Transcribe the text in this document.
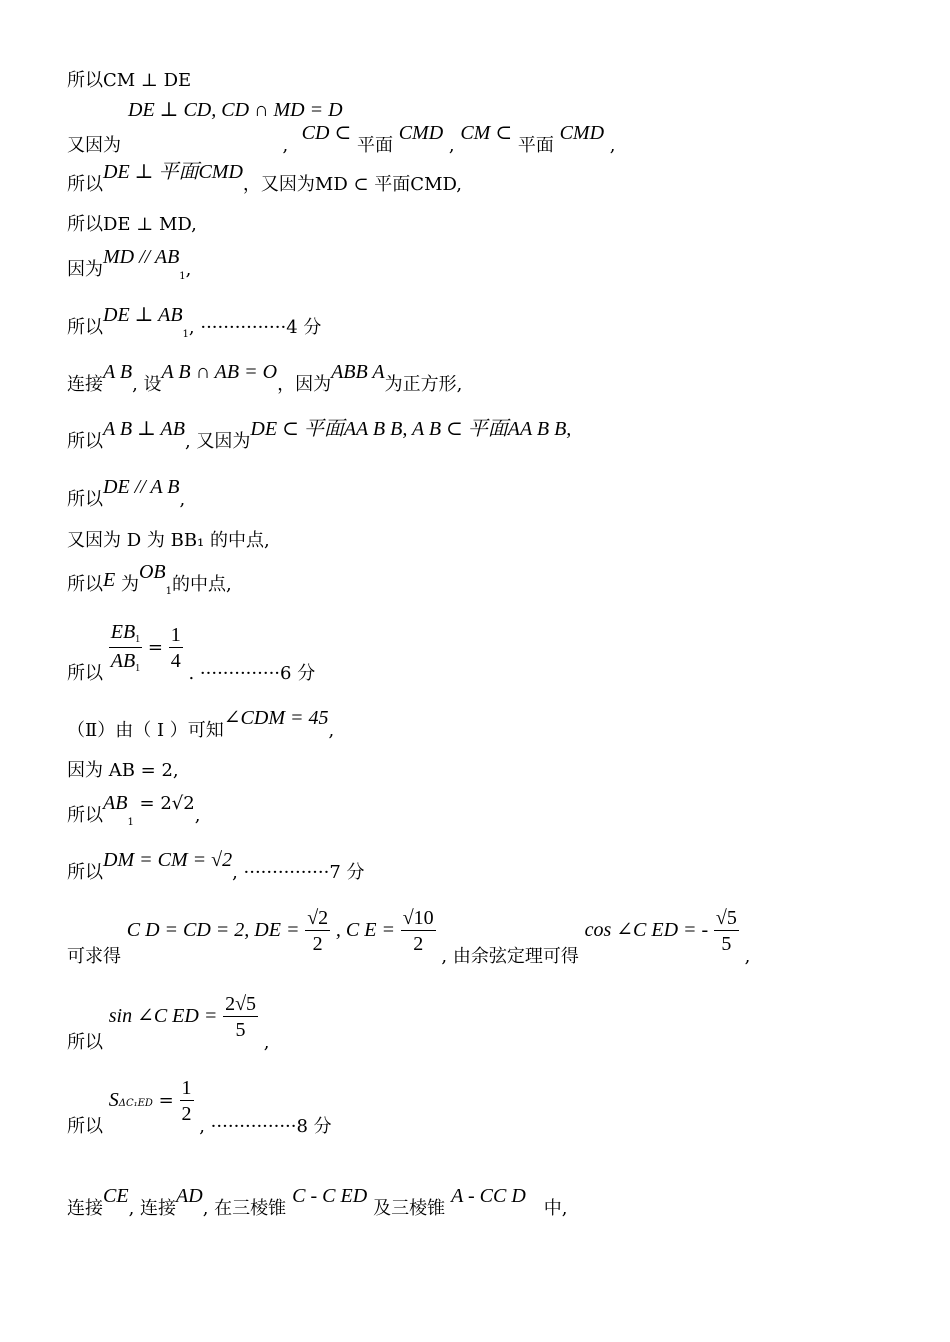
所以CM ⊥ DE
DE ⊥ CD, CD ∩ MD = D
又因为	,  CD ⊂ 平面 CMD , CM ⊂ 平面 CMD ,
所以DE ⊥ 平面CMD，又因为MD ⊂ 平面CMD,
所以DE ⊥ MD,
因为MD // $AB_1$,
所以DE ⊥ $AB_1$, ···············4 分
连接A B, 设A B ∩ AB = O，因为ABB A为正方形,
所以A B ⊥ AB, 又因为DE ⊂ 平面AA B B, A B ⊂ 平面AA B B,
所以DE // A B,
又因为 D 为 BB₁ 的中点,
所以E 为$OB_1$的中点,
所以 $\frac{EB_1}{AB_1} = \frac{1}{4}$
. ··············6 分
（Ⅱ）由（ Ⅰ ）可知∠CDM = 45,
因为 AB = 2,
所以$AB_1 = 2√2$,
所以DM = CM = √2, ···············7 分
可求得 C D = CD = 2, DE = $\frac{√2}{2}$ , C $E = \frac{√10}{2}$
, 由余弦定理可得 cos ∠C ED = - $\frac{√5}{5}$
,
所以 sin ∠C ED = $\frac{2√5}{5}$
,
所以 $S\Delta C_1ED = \frac{1}{2}$
, ···············8 分
连接CE, 连接AD, 在三棱锥C - C ED及三棱锥A - CC D中,
